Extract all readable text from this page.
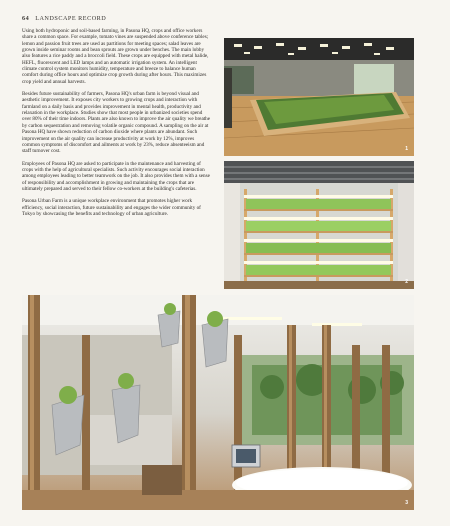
64 LANDSCAPE RECORD

Using both hydroponic and soil-based farming, in Pasona HQ, crops and office workers share a common space. For example, tomato vines are suspended above conference tables; lemon and passion fruit trees are used as partitions for meeting spaces; salad leaves are grown inside seminar rooms and bean sprouts are grown under benches. The main lobby also features a rice paddy and a broccoli field. These crops are equipped with metal halide, HEFL, fluorescent and LED lamps and an automatic irrigation system. An intelligent climate control system monitors humidity, temperature and breeze to balance human comfort during office hours and optimize crop growth during after hours. This maximizes crop yield and annual harvests.

Besides future sustainability of farmers, Pasona HQ's urban farm is beyond visual and aesthetic improvement. It exposes city workers to growing crops and interaction with farmland on a daily basis and provides improvement in mental health, productivity and relaxation in the workplace. Studies show that most people in urbanized societies spend over 80% of their time indoors. Plants are also known to improve the air quality we breathe by carbon sequestration and removing volatile organic compound. A sampling on the air at Pasona HQ have shown reduction of carbon dioxide where plants are abundant. Such improvement on the air quality can increase productivity at work by 12%, improves common symptoms of discomfort and ailments at work by 23%, reduce absenteeism and staff turnover cost.

Employees of Pasona HQ are asked to participate in the maintenance and harvesting of crops with the help of agricultural specialists. Such activity encourages social interaction among employees leading to better teamwork on the job. It also provides them with a sense of responsibility and accomplishment in growing and maintaining the crops that are ultimately prepared and served to their fellow co-workers at the building's cafeterias.

Pasona Urban Farm is a unique workplace environment that promotes higher work efficiency, social interaction, future sustainability and engages the wider community of Tokyo by showcasing the benefits and technology of urban agriculture.

1
2
3
